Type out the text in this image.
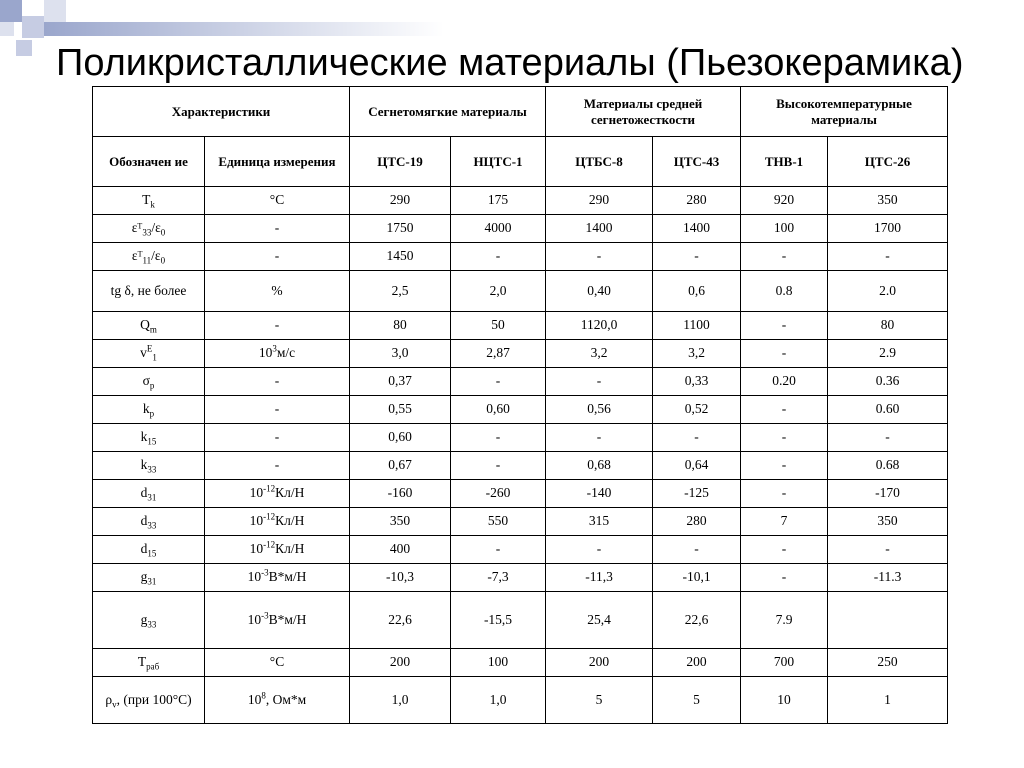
Поликристаллические материалы (Пьезокерамика)
Характеристики		Сегнетомягкие материалы		Материалы средней сегнетожесткости		Высокотемпературные материалы	
Обозначен ие	Единица измерения	ЦТС-19	НЦТС-1	ЦТБС-8	ЦТС-43	ТНВ-1	ЦТС-26
$T_k$	°C	290	175	290	280	920	350
$\varepsilon ᵀ_{33}/\varepsilon_0$	-	1750	4000	1400	1400	100	1700
$\varepsilon ᵀ_{11}/\varepsilon_0$	-	1450	-	-	-	-	-
tg δ, не более	%	2,5	2,0	0,40	0,6	0.8	2.0
$Q_m$	-	80	50	1120,0	1100	-	80
$v^E_1$	$10^3м/с$	3,0	2,87	3,2	3,2	-	2.9
$\sigma_p$	-	0,37	-	-	0,33	0.20	0.36
$k_p$	-	0,55	0,60	0,56	0,52	-	0.60
$k_{15}$	-	0,60	-	-	-	-	-
$k_{33}$	-	0,67	-	0,68	0,64	-	0.68
$d_{31}$	$10^{-12}Кл/Н$	-160	-260	-140	-125	-	-170
$d_{33}$	$10^{-12}Кл/Н$	350	550	315	280	7	350
$d_{15}$	$10^{-12}Кл/Н$	400	-	-	-	-	-
$g_{31}$	$10^{-3}В*м/Н$	-10,3	-7,3	-11,3	-10,1	-	-11.3
$g_{33}$	$10^{-3}В*м/Н$	22,6	-15,5	25,4	22,6	7.9	
$T_{раб}$	°C	200	100	200	200	700	250
$\rho_v$, (при 100°C)	$10^8$, Ом*м	1,0	1,0	5	5	10	1
